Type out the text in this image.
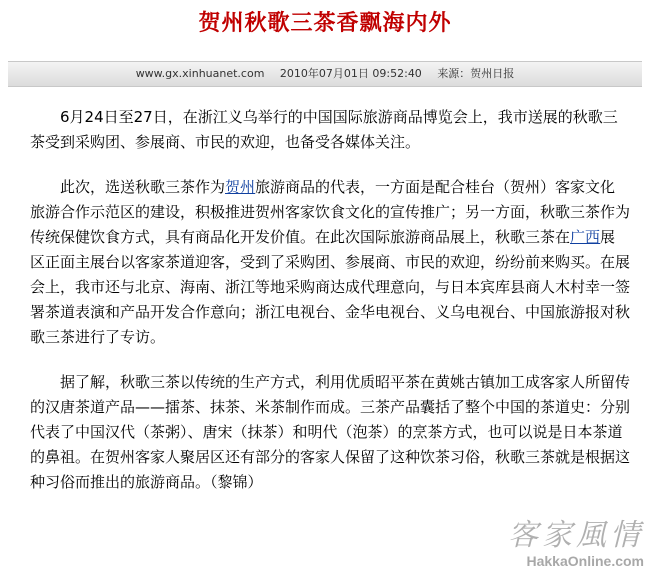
贺州秋歌三茶香飘海内外
www.gx.xinhuanet.com 2010年07月01日 09:52:40 来源：贺州日报

6月24日至27日，在浙江义乌举行的中国国际旅游商品博览会上，我市送展的秋歌三茶受到采购团、参展商、市民的欢迎，也备受各媒体关注。

此次，选送秋歌三茶作为贺州旅游商品的代表，一方面是配合桂台（贺州）客家文化旅游合作示范区的建设，积极推进贺州客家饮食文化的宣传推广；另一方面，秋歌三茶作为传统保健饮食方式，具有商品化开发价值。在此次国际旅游商品展上，秋歌三茶在广西展区正面主展台以客家茶道迎客，受到了采购团、参展商、市民的欢迎，纷纷前来购买。在展会上，我市还与北京、海南、浙江等地采购商达成代理意向，与日本宾库县商人木村幸一签署茶道表演和产品开发合作意向；浙江电视台、金华电视台、义乌电视台、中国旅游报对秋歌三茶进行了专访。

据了解，秋歌三茶以传统的生产方式，利用优质昭平茶在黄姚古镇加工成客家人所留传的汉唐茶道产品——擂茶、抹茶、米茶制作而成。三茶产品囊括了整个中国的茶道史：分别代表了中国汉代（茶粥）、唐宋（抹茶）和明代（泡茶）的烹茶方式，也可以说是日本茶道的鼻祖。在贺州客家人聚居区还有部分的客家人保留了这种饮茶习俗，秋歌三茶就是根据这种习俗而推出的旅游商品。（黎锦）

客家風情
HakkaOnline.com
